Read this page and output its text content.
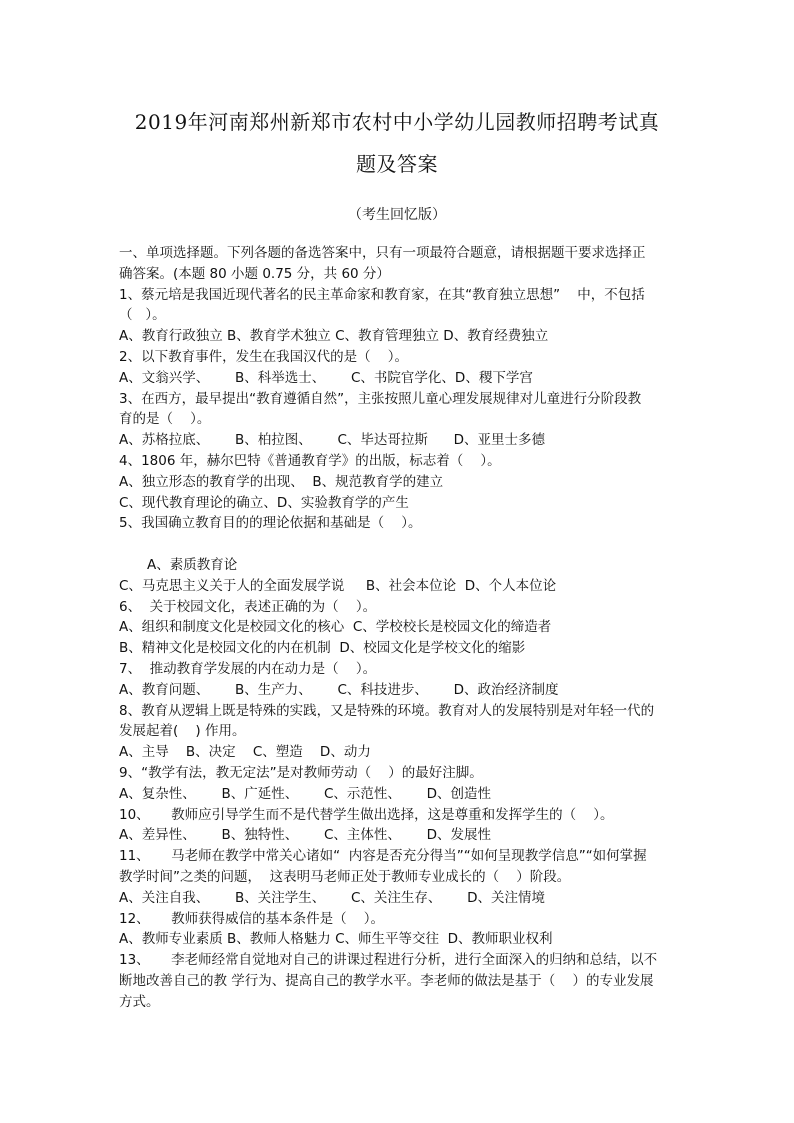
2019年河南郑州新郑市农村中小学幼儿园教师招聘考试真
题及答案
（考生回忆版）

一、单项选择题。下列各题的备选答案中，只有一项最符合题意，请根据题干要求选择正

确答案。(本题 80 小题 0.75 分，共 60 分）

1、蔡元培是我国近现代著名的民主革命家和教育家，在其“教育独立思想”    中，不包括

（   ）。

A、教育行政独立 B、教育学术独立 C、教育管理独立 D、教育经费独立

2、以下教育事件，发生在我国汉代的是（    ）。

A、文翁兴学、      B、科举选士、      C、书院官学化、D、稷下学宫

3、在西方，最早提出“教育遵循自然”，主张按照儿童心理发展规律对儿童进行分阶段教

育的是（    ）。

A、苏格拉底、      B、柏拉图、      C、毕达哥拉斯      D、亚里士多德

4、1806 年，赫尔巴特《普通教育学》的出版，标志着（    ）。

A、独立形态的教育学的出现、  B、规范教育学的建立

C、现代教育理论的确立、D、实验教育学的产生

5、我国确立教育目的的理论依据和基础是（    ）。

A、素质教育论

C、马克思主义关于人的全面发展学说     B、社会本位论  D、个人本位论

6、  关于校园文化，表述正确的为（    ）。

A、组织和制度文化是校园文化的核心  C、学校校长是校园文化的缔造者

B、精神文化是校园文化的内在机制  D、校园文化是学校文化的缩影

7、  推动教育学发展的内在动力是（    ）。

A、教育问题、      B、生产力、      C、科技进步、      D、政治经济制度

8、教育从逻辑上既是特殊的实践，又是特殊的环境。教育对人的发展特别是对年轻一代的

发展起着(    ) 作用。

A、主导    B、决定    C、塑造    D、动力

9、“教学有法，教无定法”是对教师劳动（    ）的最好注脚。

A、复杂性、      B、广延性、      C、示范性、      D、创造性

10、     教师应引导学生而不是代替学生做出选择，这是尊重和发挥学生的（    ）。

A、差异性、      B、独特性、      C、主体性、      D、发展性

11、     马老师在教学中常关心诸如“  内容是否充分得当”“如何呈现教学信息”“如何掌握

教学时间”之类的问题，  这表明马老师正处于教师专业成长的（    ）阶段。

A、关注自我、      B、关注学生、      C、关注生存、      D、关注情境

12、     教师获得威信的基本条件是（    ）。

A、教师专业素质 B、教师人格魅力 C、师生平等交往  D、教师职业权利

13、     李老师经常自觉地对自己的讲课过程进行分析，进行全面深入的归纳和总结，以不

断地改善自己的教 学行为、提高自己的教学水平。李老师的做法是基于（    ）的专业发展

方式。
